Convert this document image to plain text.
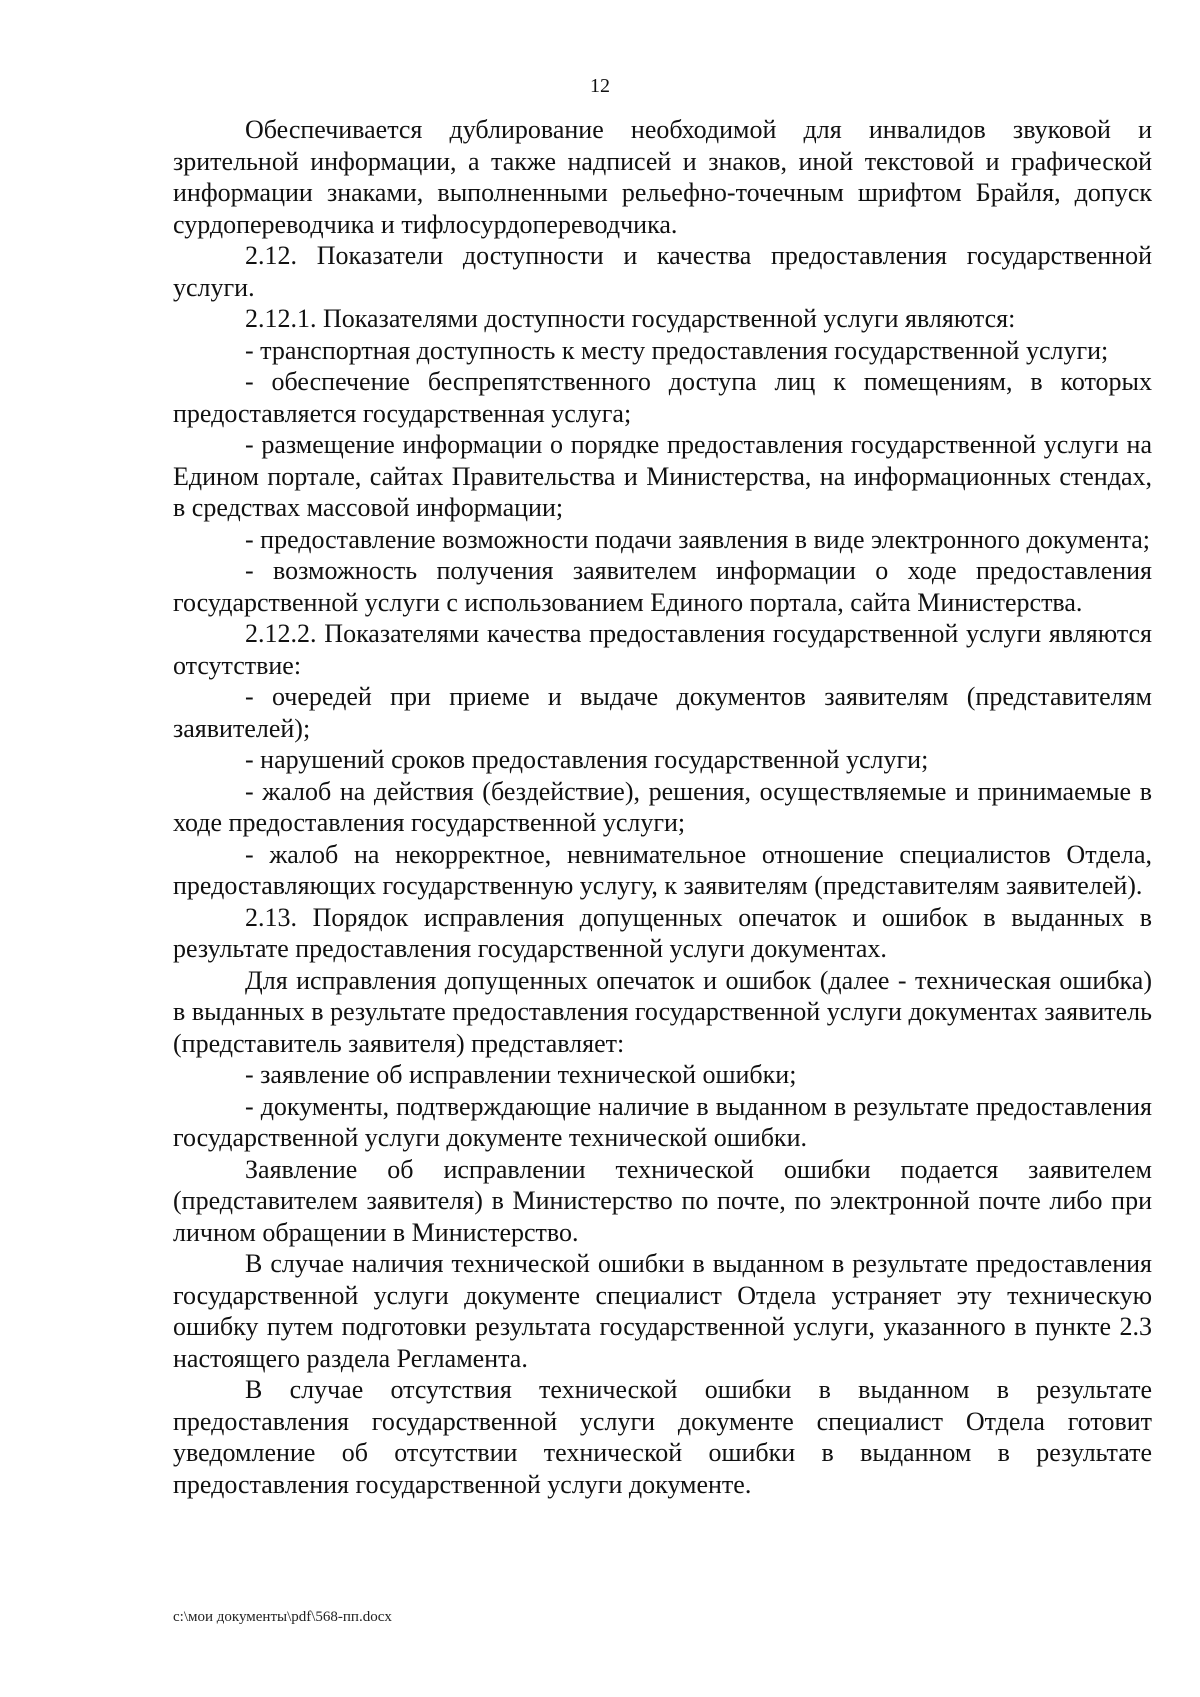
12

Обеспечивается дублирование необходимой для инвалидов звуковой и зрительной информации, а также надписей и знаков, иной текстовой и графической информации знаками, выполненными рельефно-точечным шрифтом Брайля, допуск сурдопереводчика и тифлосурдопереводчика.

2.12. Показатели доступности и качества предоставления государственной услуги.

2.12.1. Показателями доступности государственной услуги являются:

- транспортная доступность к месту предоставления государственной услуги;

- обеспечение беспрепятственного доступа лиц к помещениям, в которых предоставляется государственная услуга;

- размещение информации о порядке предоставления государственной услуги на Едином портале, сайтах Правительства и Министерства, на информационных стендах, в средствах массовой информации;

- предоставление возможности подачи заявления в виде электронного документа;

- возможность получения заявителем информации о ходе предоставления государственной услуги с использованием Единого портала, сайта Министерства.

2.12.2. Показателями качества предоставления государственной услуги являются отсутствие:

- очередей при приеме и выдаче документов заявителям (представителям заявителей);

- нарушений сроков предоставления государственной услуги;

- жалоб на действия (бездействие), решения, осуществляемые и принимаемые в ходе предоставления государственной услуги;

- жалоб на некорректное, невнимательное отношение специалистов Отдела, предоставляющих государственную услугу, к заявителям (представителям заявителей).

2.13. Порядок исправления допущенных опечаток и ошибок в выданных в результате предоставления государственной услуги документах.

Для исправления допущенных опечаток и ошибок (далее - техническая ошибка) в выданных в результате предоставления государственной услуги документах заявитель (представитель заявителя) представляет:

- заявление об исправлении технической ошибки;

- документы, подтверждающие наличие в выданном в результате предоставления государственной услуги документе технической ошибки.

Заявление об исправлении технической ошибки подается заявителем (представителем заявителя) в Министерство по почте, по электронной почте либо при личном обращении в Министерство.

В случае наличия технической ошибки в выданном в результате предоставления государственной услуги документе специалист Отдела устраняет эту техническую ошибку путем подготовки результата государственной услуги, указанного в пункте 2.3 настоящего раздела Регламента.

В случае отсутствия технической ошибки в выданном в результате предоставления государственной услуги документе специалист Отдела готовит уведомление об отсутствии технической ошибки в выданном в результате предоставления государственной услуги документе.

c:\мои документы\pdf\568-пп.docx
